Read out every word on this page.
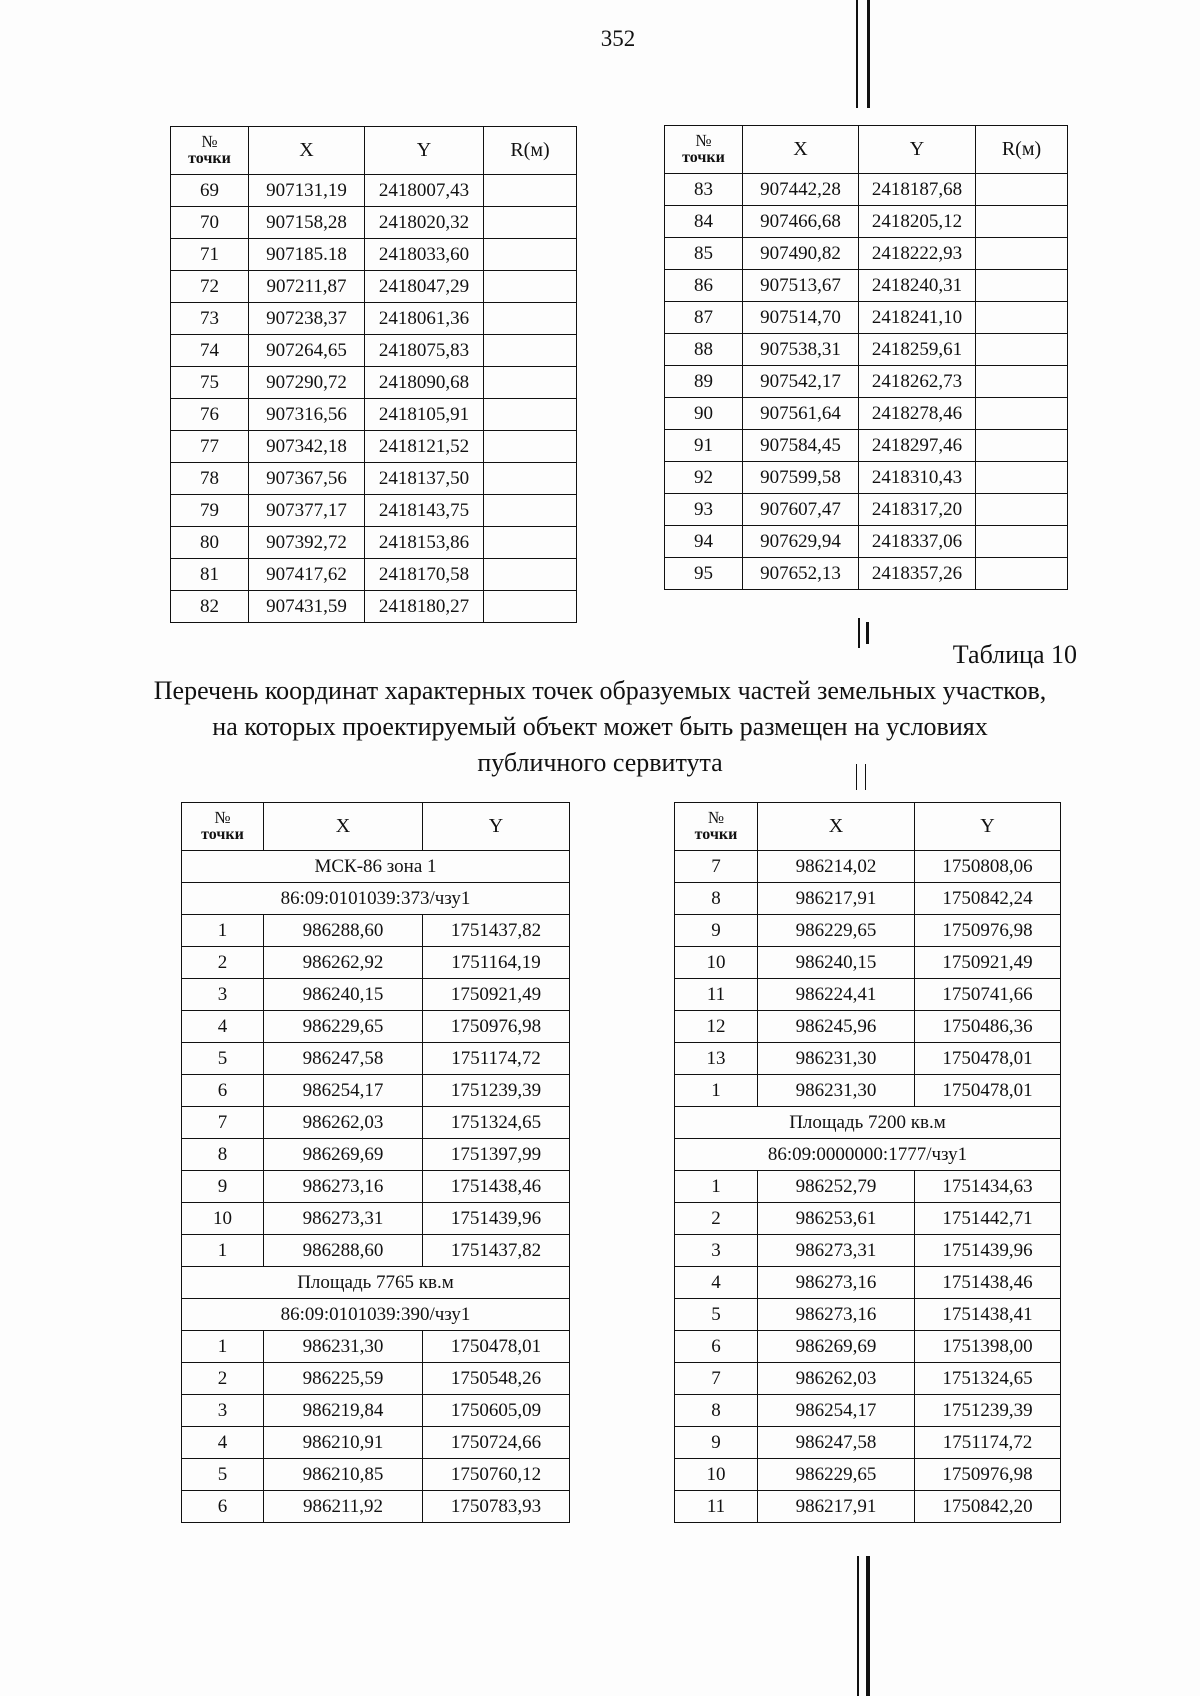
352
№
точки	X	Y	R(м)
69	907131,19	2418007,43	
70	907158,28	2418020,32	
71	907185.18	2418033,60	
72	907211,87	2418047,29	
73	907238,37	2418061,36	
74	907264,65	2418075,83	
75	907290,72	2418090,68	
76	907316,56	2418105,91	
77	907342,18	2418121,52	
78	907367,56	2418137,50	
79	907377,17	2418143,75	
80	907392,72	2418153,86	
81	907417,62	2418170,58	
82	907431,59	2418180,27	
№
точки	X	Y	R(м)
83	907442,28	2418187,68	
84	907466,68	2418205,12	
85	907490,82	2418222,93	
86	907513,67	2418240,31	
87	907514,70	2418241,10	
88	907538,31	2418259,61	
89	907542,17	2418262,73	
90	907561,64	2418278,46	
91	907584,45	2418297,46	
92	907599,58	2418310,43	
93	907607,47	2418317,20	
94	907629,94	2418337,06	
95	907652,13	2418357,26	
Таблица 10
Перечень координат характерных точек образуемых частей земельных участков, на которых проектируемый объект может быть размещен на условиях публичного сервитута
№
точки	X	Y
МСК-86 зона 1		
86:09:0101039:373/чзу1		
1	986288,60	1751437,82
2	986262,92	1751164,19
3	986240,15	1750921,49
4	986229,65	1750976,98
5	986247,58	1751174,72
6	986254,17	1751239,39
7	986262,03	1751324,65
8	986269,69	1751397,99
9	986273,16	1751438,46
10	986273,31	1751439,96
1	986288,60	1751437,82
Площадь 7765 кв.м		
86:09:0101039:390/чзу1		
1	986231,30	1750478,01
2	986225,59	1750548,26
3	986219,84	1750605,09
4	986210,91	1750724,66
5	986210,85	1750760,12
6	986211,92	1750783,93
№
точки	X	Y
7	986214,02	1750808,06
8	986217,91	1750842,24
9	986229,65	1750976,98
10	986240,15	1750921,49
11	986224,41	1750741,66
12	986245,96	1750486,36
13	986231,30	1750478,01
1	986231,30	1750478,01
Площадь 7200 кв.м		
86:09:0000000:1777/чзу1		
1	986252,79	1751434,63
2	986253,61	1751442,71
3	986273,31	1751439,96
4	986273,16	1751438,46
5	986273,16	1751438,41
6	986269,69	1751398,00
7	986262,03	1751324,65
8	986254,17	1751239,39
9	986247,58	1751174,72
10	986229,65	1750976,98
11	986217,91	1750842,20
